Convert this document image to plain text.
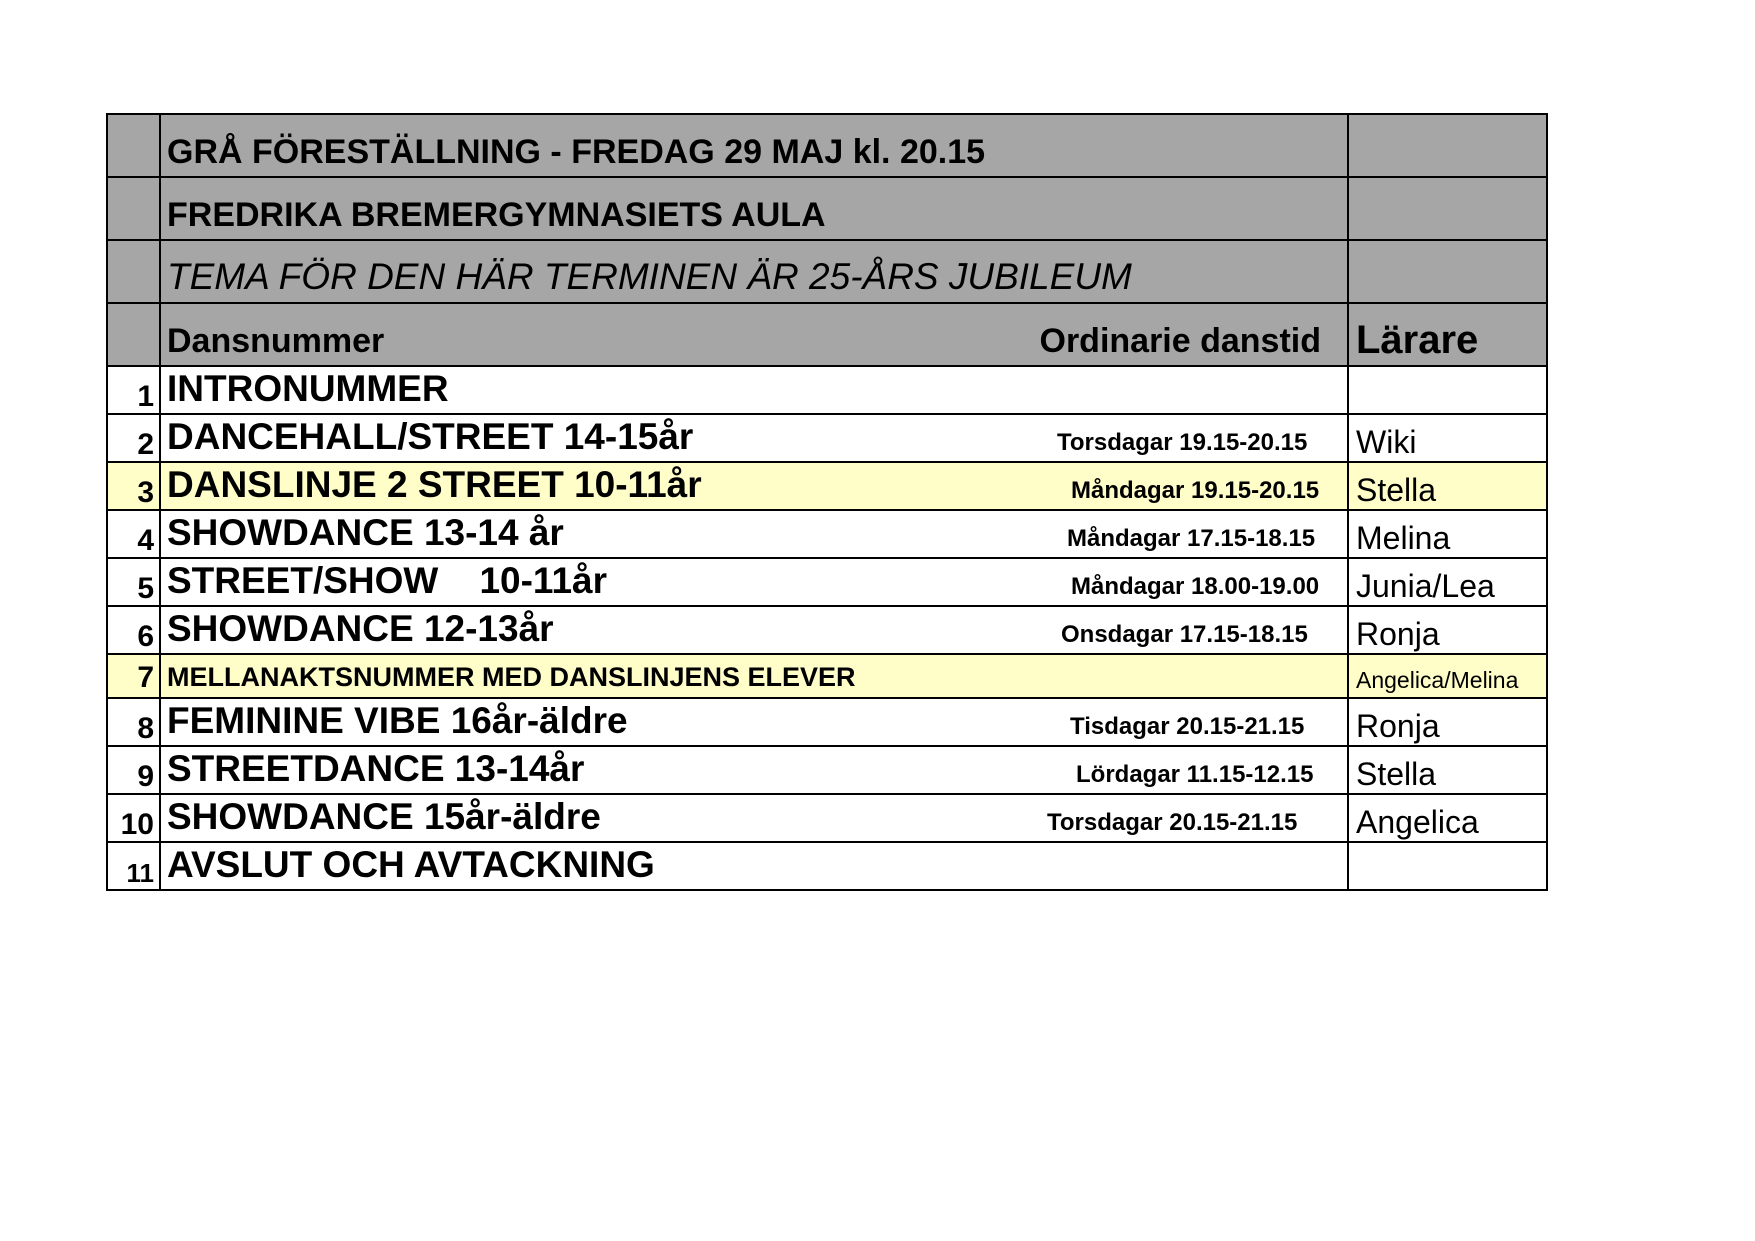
GRÅ FÖRESTÄLLNING - FREDAG 29 MAJ kl. 20.15
FREDRIKA BREMERGYMNASIETS AULA
TEMA FÖR DEN HÄR TERMINEN ÄR 25-ÅRS JUBILEUM
Dansnummer	Ordinarie danstid Lärare
1 INTRONUMMER
2 DANCEHALL/STREET 14-15år	Torsdagar 19.15-20.15 Wiki
3 DANSLINJE 2 STREET 10-11år	Måndagar 19.15-20.15 Stella
4 SHOWDANCE 13-14 år	Måndagar 17.15-18.15 Melina
5 STREET/SHOW    10-11år	Måndagar 18.00-19.00 Junia/Lea
6 SHOWDANCE 12-13år	Onsdagar 17.15-18.15 Ronja
7 MELLANAKTSNUMMER MED DANSLINJENS ELEVER	Angelica/Melina
8 FEMININE VIBE 16år-äldre	Tisdagar 20.15-21.15 Ronja
9 STREETDANCE 13-14år	Lördagar 11.15-12.15 Stella
10 SHOWDANCE 15år-äldre	Torsdagar 20.15-21.15 Angelica
11 AVSLUT OCH AVTACKNING
